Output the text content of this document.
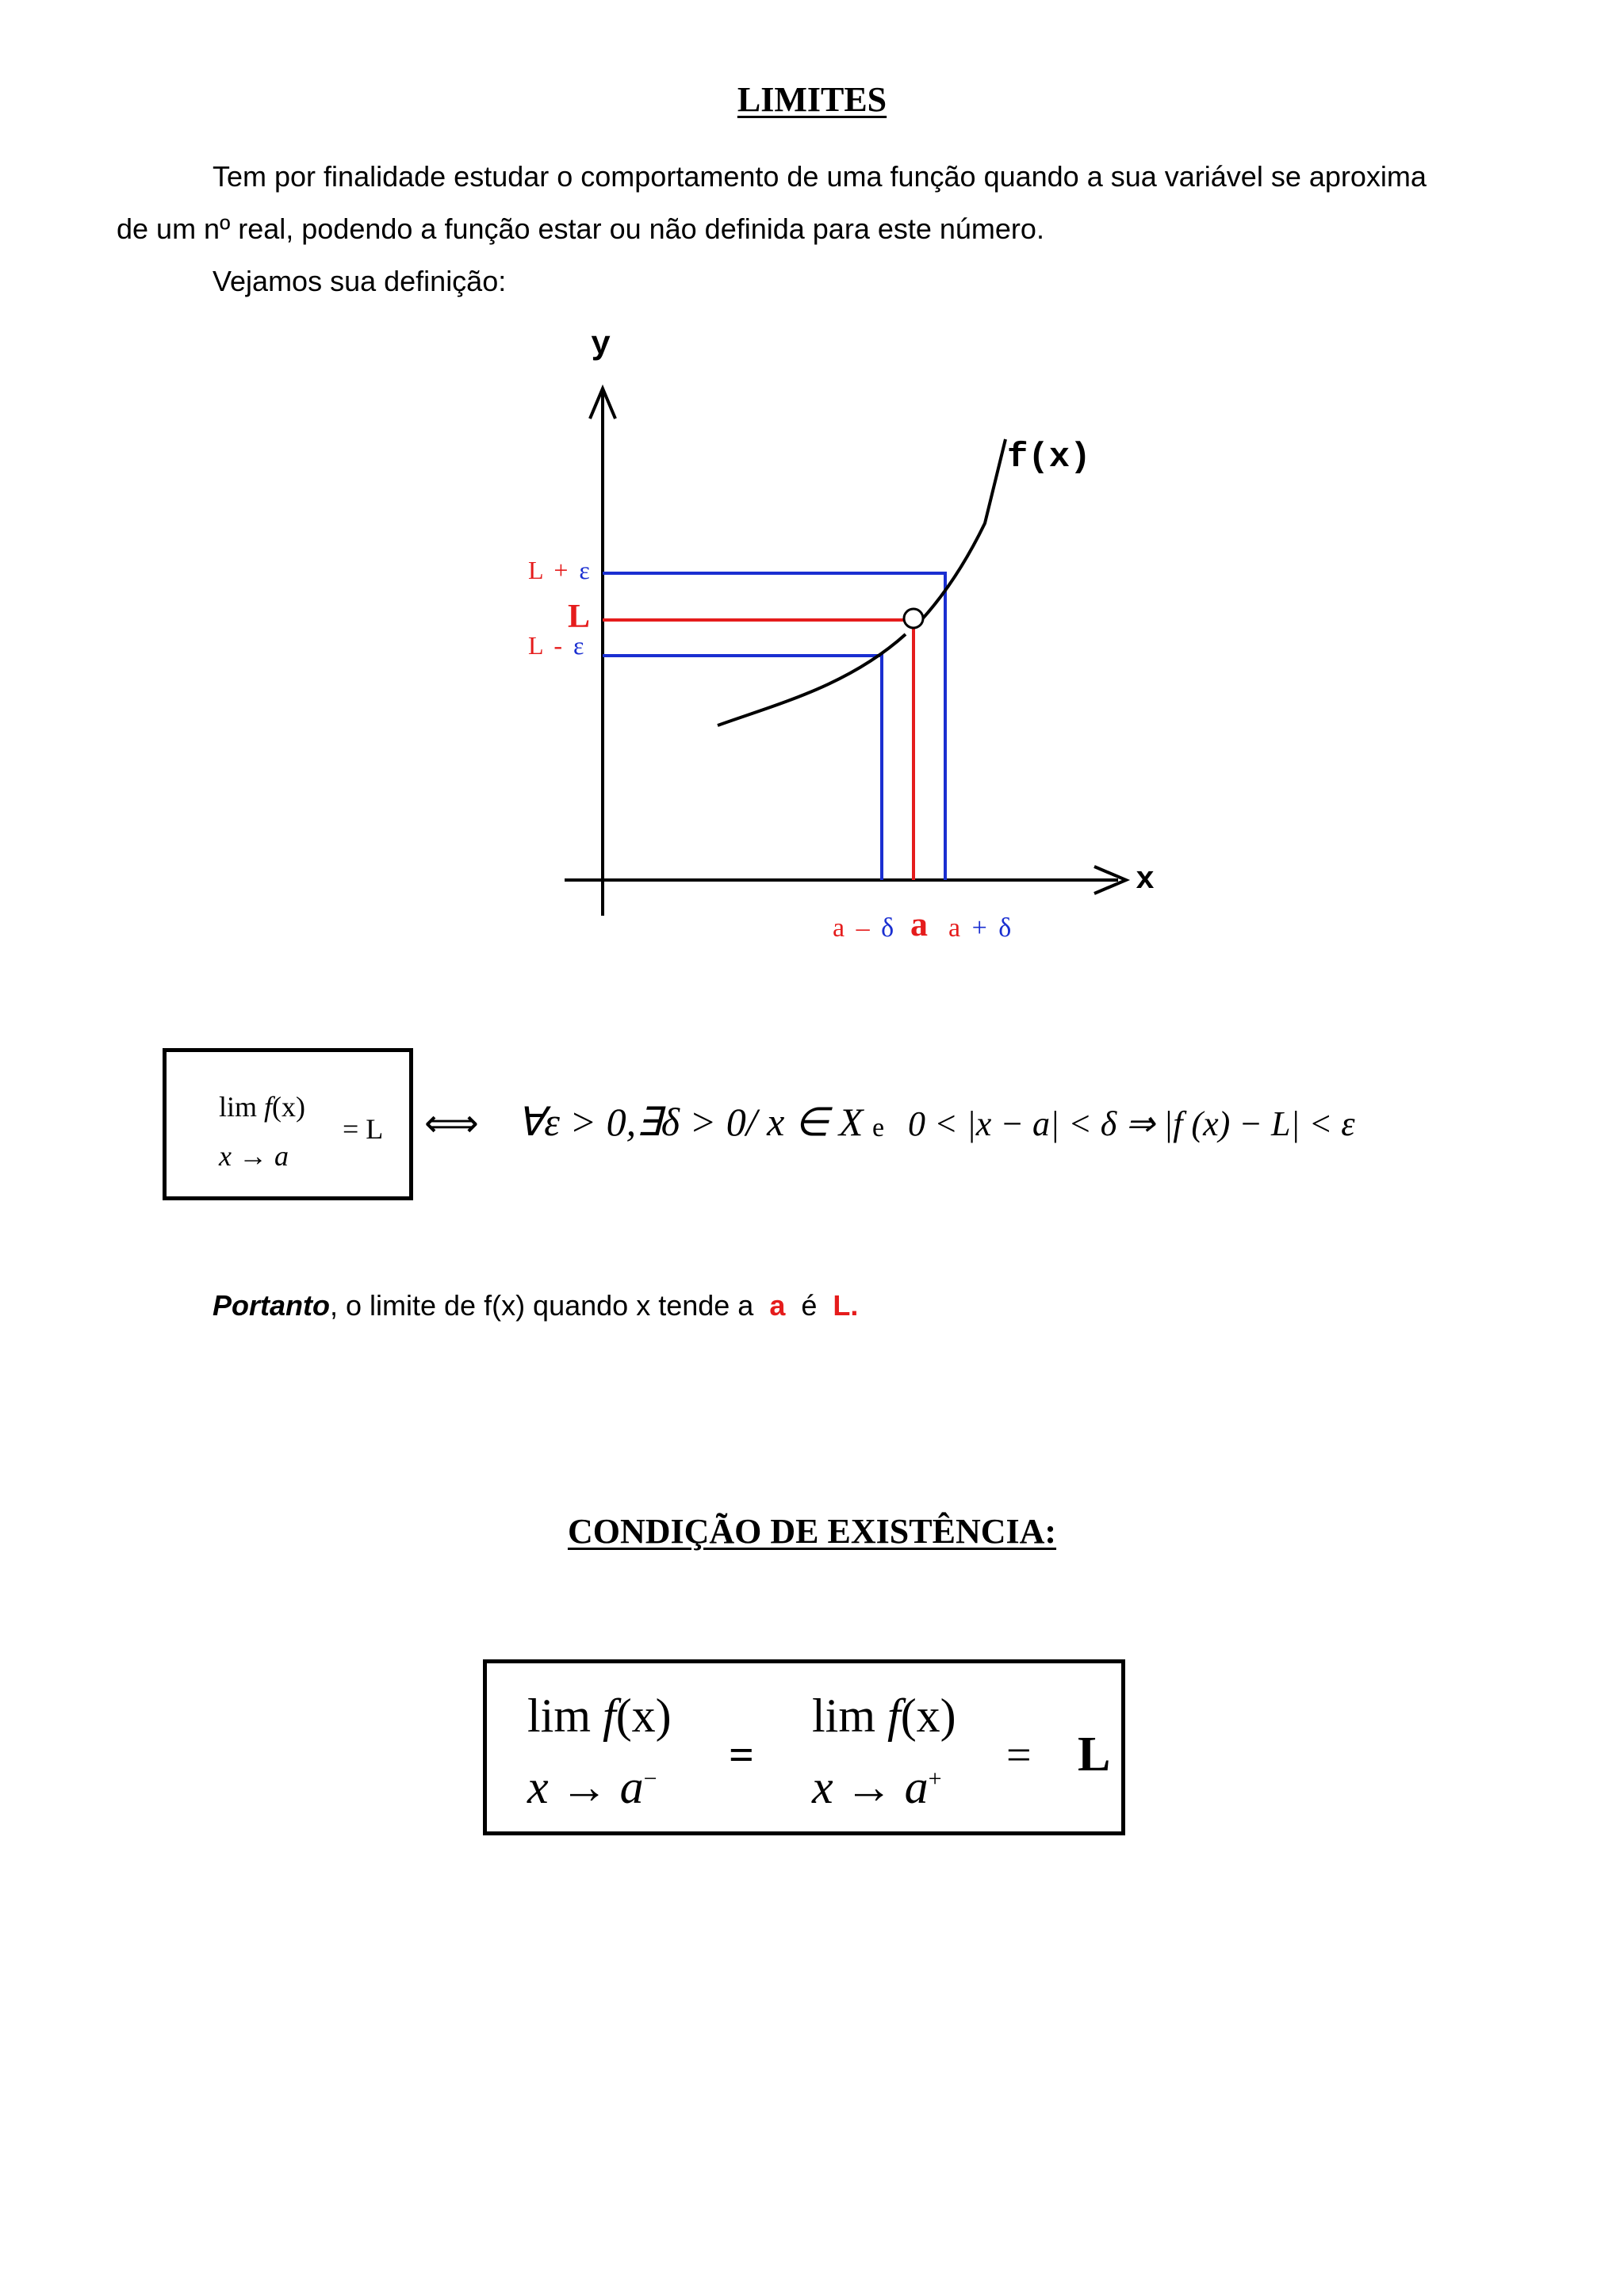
LIMITES
Tem por finalidade estudar o comportamento de uma função quando a sua variável se aproxima
de um nº real, podendo a função estar ou não definida para este número.
Vejamos sua definição:
y
x
f(x)
L + ε
L
L - ε
a – δ a a + δ
lim f(x)
= L
x → a
⟺ ∀ε > 0,∃δ > 0/ x ∈ X e 0 < |x − a| < δ ⇒ |f (x) − L| < ε
Portanto, o limite de f(x) quando x tende a a é L.
CONDIÇÃO DE EXISTÊNCIA:
lim f(x)
x → a− =
lim f(x)
x → a+ = L
